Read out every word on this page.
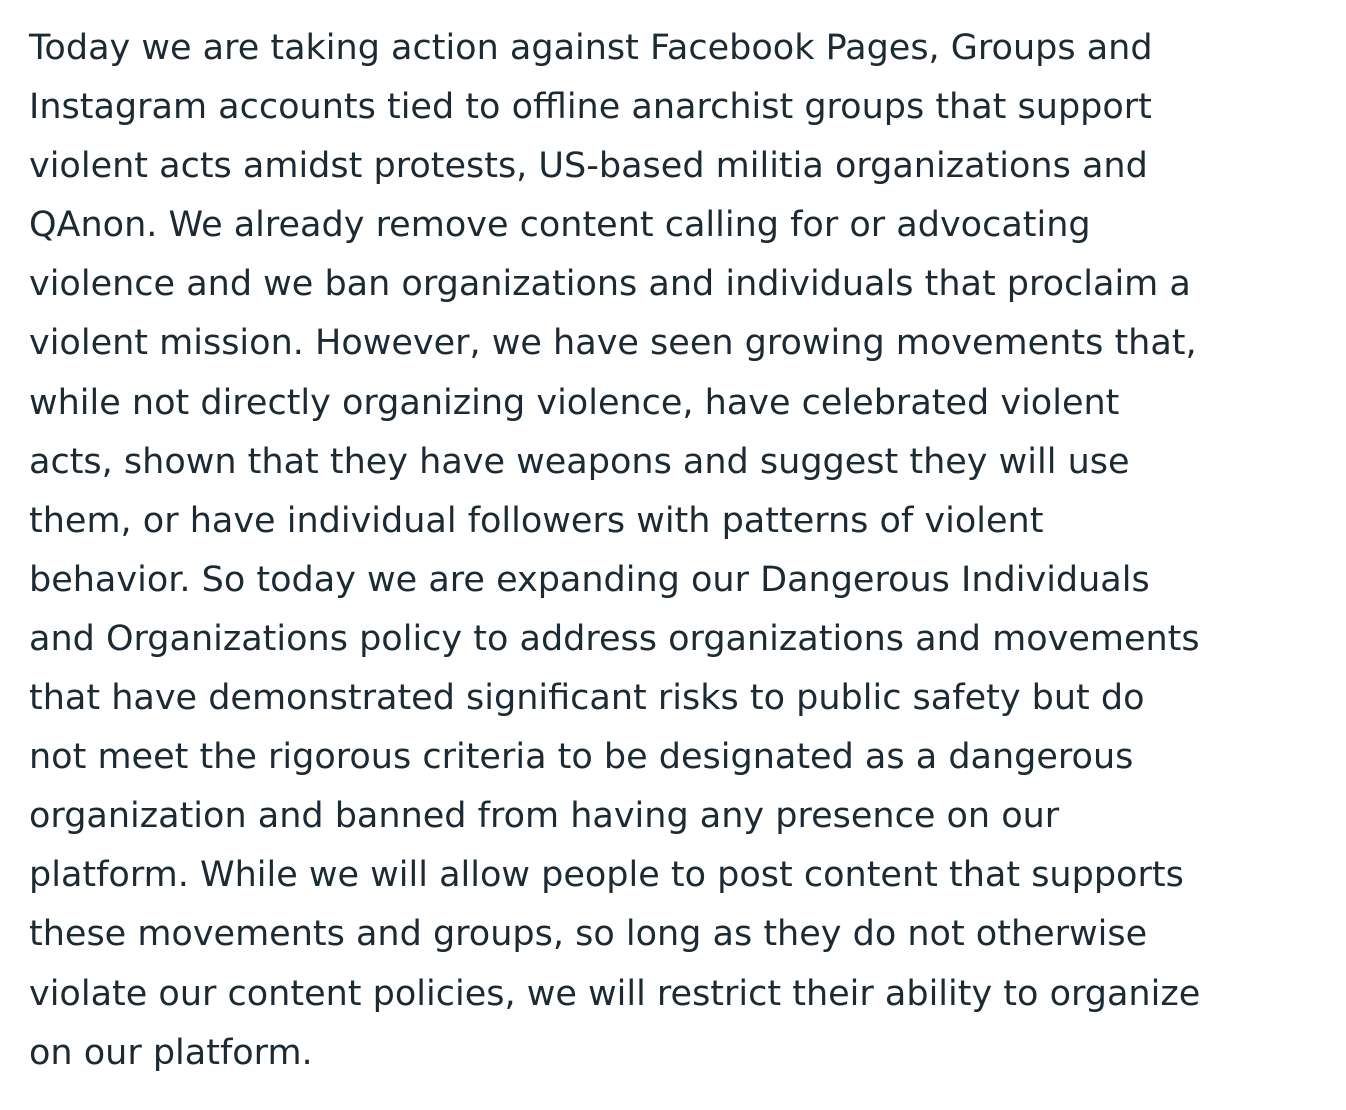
Today we are taking action against Facebook Pages, Groups and
Instagram accounts tied to offline anarchist groups that support
violent acts amidst protests, US-based militia organizations and
QAnon. We already remove content calling for or advocating
violence and we ban organizations and individuals that proclaim a
violent mission. However, we have seen growing movements that,
while not directly organizing violence, have celebrated violent
acts, shown that they have weapons and suggest they will use
them, or have individual followers with patterns of violent
behavior. So today we are expanding our Dangerous Individuals
and Organizations policy to address organizations and movements
that have demonstrated significant risks to public safety but do
not meet the rigorous criteria to be designated as a dangerous
organization and banned from having any presence on our
platform. While we will allow people to post content that supports
these movements and groups, so long as they do not otherwise
violate our content policies, we will restrict their ability to organize
on our platform.
